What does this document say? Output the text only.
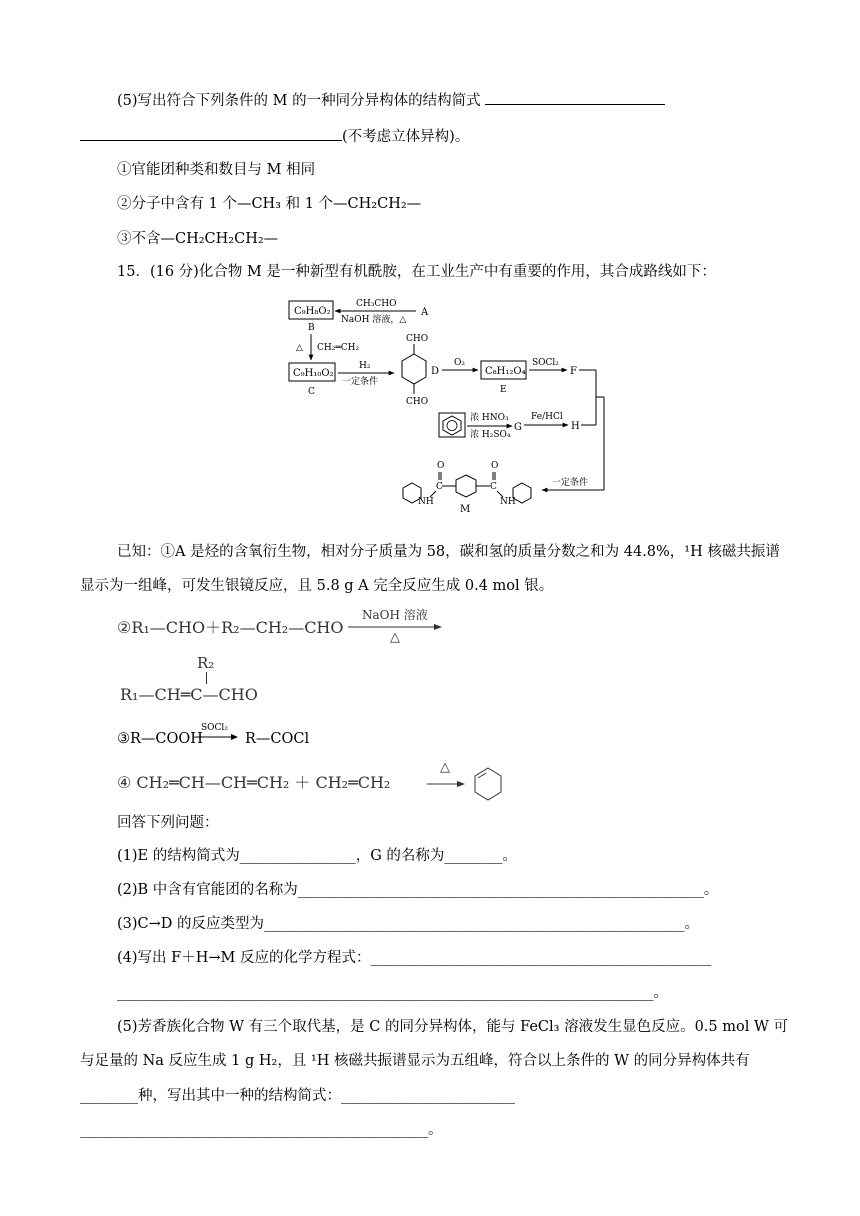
(5)写出符合下列条件的 M 的一种同分异构体的结构简式
(不考虑立体异构)。
①官能团种类和数目与 M 相同
②分子中含有 1 个—CH₃ 和 1 个—CH₂CH₂—
③不含—CH₂CH₂CH₂—
15．(16 分)化合物 M 是一种新型有机酰胺，在工业生产中有重要的作用，其合成路线如下：
C₉H₈O₂
B
CH₃CHO
NaOH 溶液，△
A
△ CH₂═CH₂
C₉H₁₀O₂
C
H₂
一定条件
CHO
CHO
D
O₂
C₈H₁₂O₄
E
SOCl₂
F
浓 HNO₃
浓 H₂SO₄
G
Fe/HCl
H
一定条件
O	O
C	C
NH	NH
M
已知：①A 是烃的含氧衍生物，相对分子质量为 58，碳和氢的质量分数之和为 44.8%，¹H 核磁共振谱
显示为一组峰，可发生银镜反应，且 5.8 g A 完全反应生成 0.4 mol 银。
②R₁—CHO＋R₂—CH₂—CHO
NaOH 溶液
△
R₂
R₁—CH═C—CHO
③R—COOH
SOCl₂
R—COCl
④ CH₂═CH—CH═CH₂ ＋ CH₂═CH₂
△
回答下列问题：
(1)E 的结构简式为________________，G 的名称为________。
(2)B 中含有官能团的名称为________________________________________________________。
(3)C→D 的反应类型为__________________________________________________________。
(4)写出 F＋H→M 反应的化学方程式：_______________________________________________
__________________________________________________________________________。
(5)芳香族化合物 W 有三个取代基，是 C 的同分异构体，能与 FeCl₃ 溶液发生显色反应。0.5 mol W 可
与足量的 Na 反应生成 1 g H₂，且 ¹H 核磁共振谱显示为五组峰，符合以上条件的 W 的同分异构体共有
________种，写出其中一种的结构简式：________________________
________________________________________________。
